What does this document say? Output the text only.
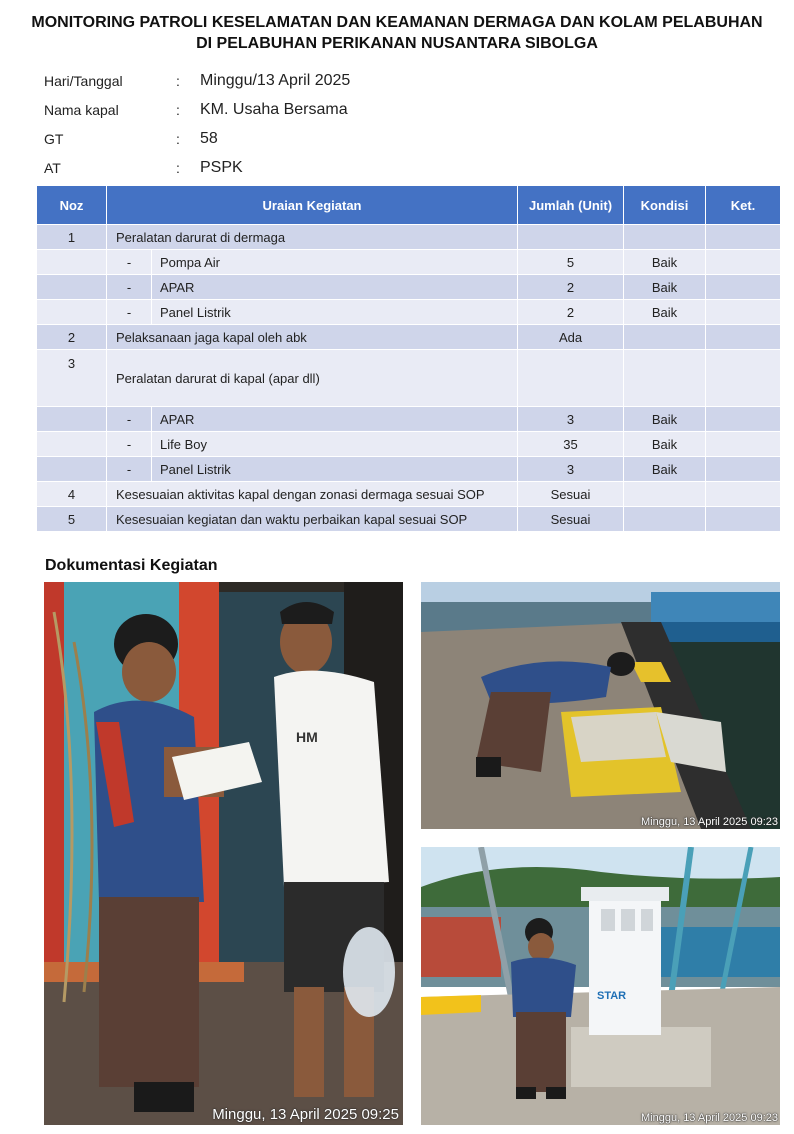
MONITORING PATROLI KESELAMATAN DAN KEAMANAN DERMAGA DAN KOLAM PELABUHAN
DI PELABUHAN PERIKANAN NUSANTARA SIBOLGA
Hari/Tanggal	:	Minggu/13 April 2025
Nama kapal	:	KM. Usaha Bersama
GT	:	58
AT	:	PSPK
Noz	Uraian Kegiatan		Jumlah (Unit)	Kondisi	Ket.
1	Peralatan darurat di dermaga				
	-	Pompa Air	5	Baik	
	-	APAR	2	Baik	
	-	Panel Listrik	2	Baik	
2	Pelaksanaan jaga kapal oleh abk		Ada		
3	Peralatan darurat di kapal (apar dll)				
	-	APAR	3	Baik	
	-	Life Boy	35	Baik	
	-	Panel Listrik	3	Baik	
4	Kesesuaian aktivitas kapal dengan zonasi dermaga sesuai SOP		Sesuai		
5	Kesesuaian kegiatan dan waktu perbaikan kapal sesuai SOP		Sesuai		
Dokumentasi Kegiatan
HM
Minggu, 13 April 2025 09:25
Minggu, 13 April 2025 09:23
STAR
Minggu, 13 April 2025 09:23
